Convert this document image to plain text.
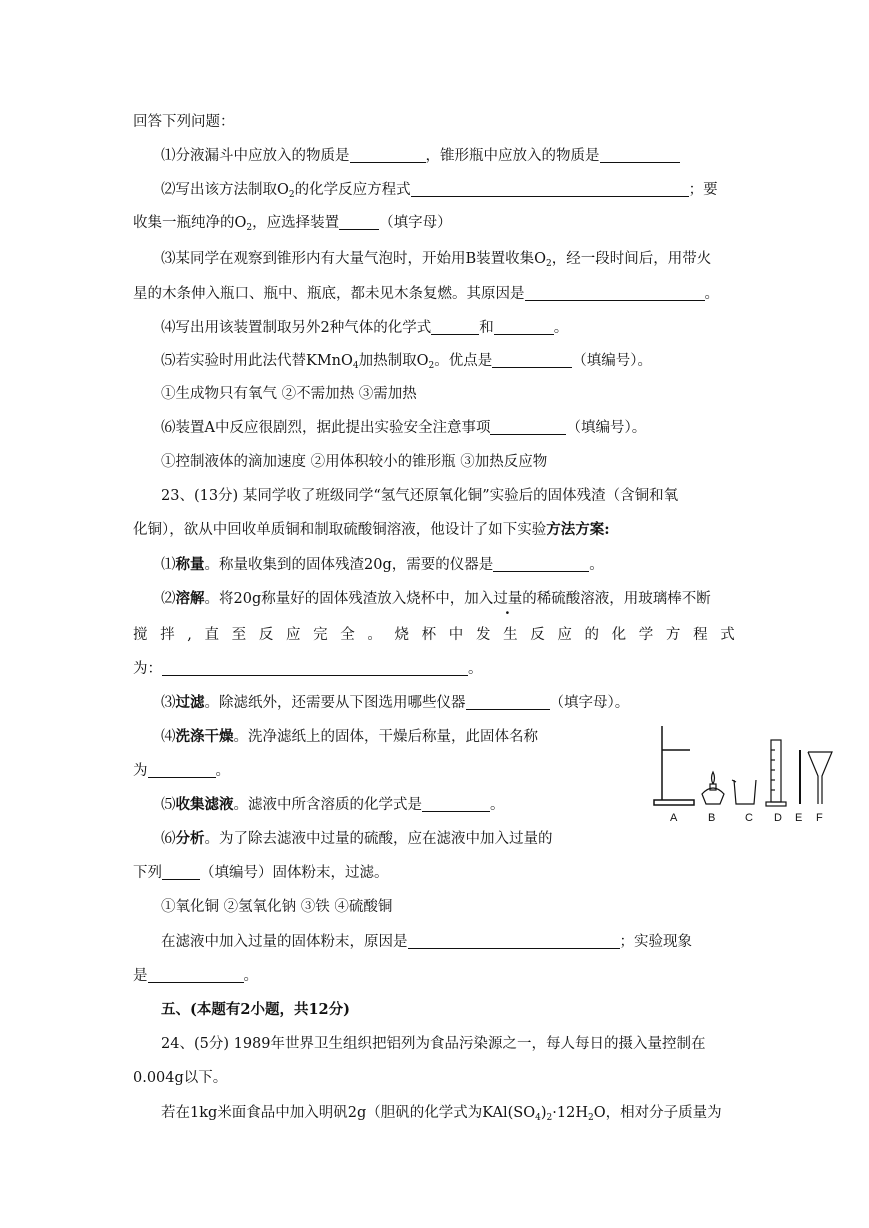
回答下列问题：
⑴分液漏斗中应放入的物质是	，锥形瓶中应放入的物质是
⑵写出该方法制取$O_2$的化学反应方程式	；要
收集一瓶纯净的$O_2$，应选择装置	（填字母）
⑶某同学在观察到锥形内有大量气泡时，开始用B装置收集$O_2$，经一段时间后，用带火
星的木条伸入瓶口、瓶中、瓶底，都未见木条复燃。其原因是	。
⑷写出用该装置制取另外2种气体的化学式	和	。
⑸若实验时用此法代替KMnO$_4$加热制取$O_2$。优点是	（填编号）。
①生成物只有氧气 ②不需加热 ③需加热
⑹装置A中反应很剧烈，据此提出实验安全注意事项	（填编号）。
①控制液体的滴加速度 ②用体积较小的锥形瓶 ③加热反应物
23、(13分) 某同学收了班级同学“氢气还原氧化铜”实验后的固体残渣（含铜和氧
化铜），欲从中回收单质铜和制取硫酸铜溶液，他设计了如下实验方法方案:
⑴称量。称量收集到的固体残渣20g，需要的仪器是	。
⑵溶解。将20g称量好的固体残渣放入烧杯中，加入过量的稀硫酸溶液，用玻璃棒不断
搅 拌 , 直 至 反 应 完 全 。 烧 杯 中 发 生 反 应 的 化 学 方 程 式
为：	。
⑶过滤。除滤纸外，还需要从下图选用哪些仪器	（填字母）。
⑷洗涤干燥。洗净滤纸上的固体，干燥后称量，此固体名称
为	。
⑸收集滤液。滤液中所含溶质的化学式是	。
⑹分析。为了除去滤液中过量的硫酸，应在滤液中加入过量的
下列	（填编号）固体粉末，过滤。
①氧化铜 ②氢氧化钠 ③铁 ④硫酸铜
在滤液中加入过量的固体粉末，原因是	；实验现象
是	。
五、(本题有2小题，共12分)
24、(5分) 1989年世界卫生组织把铝列为食品污染源之一，每人每日的摄入量控制在
0.004g以下。
若在1kg米面食品中加入明矾2g（胆矾的化学式为$KAl(SO_4)_2\cdot 12H_2O$，相对分子质量为
A	B	C D E F
